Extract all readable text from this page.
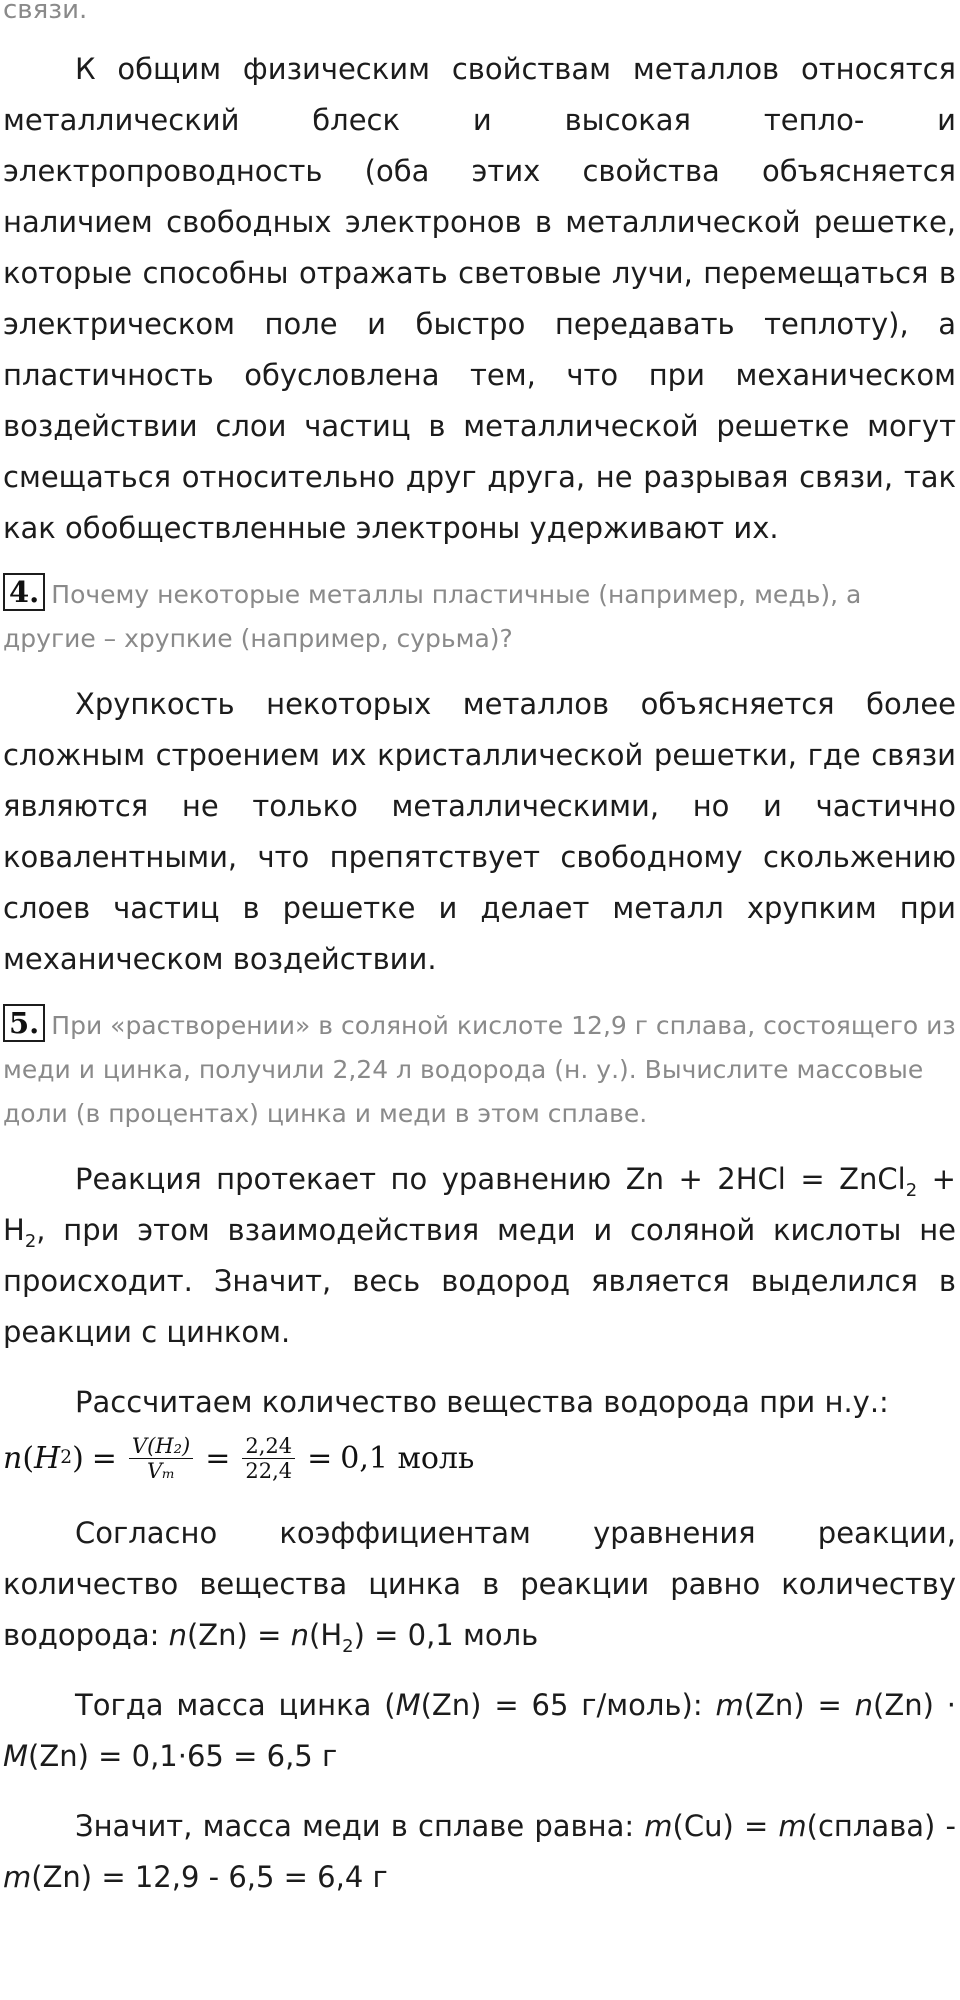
связи.

К общим физическим свойствам металлов относятся металлический блеск и высокая тепло- и электропроводность (оба этих свойства объясняется наличием свободных электронов в металлической решетке, которые способны отражать световые лучи, перемещаться в электрическом поле и быстро передавать теплоту), а пластичность обусловлена тем, что при механическом воздействии слои частиц в металлической решетке могут смещаться относительно друг друга, не разрывая связи, так как обобществленные электроны удерживают их.

4. Почему некоторые металлы пластичные (например, медь), а другие – хрупкие (например, сурьма)?

Хрупкость некоторых металлов объясняется более сложным строением их кристаллической решетки, где связи являются не только металлическими, но и частично ковалентными, что препятствует свободному скольжению слоев частиц в решетке и делает металл хрупким при механическом воздействии.

5. При «растворении» в соляной кислоте 12,9 г сплава, состоящего из меди и цинка, получили 2,24 л водорода (н. у.). Вычислите массовые доли (в процентах) цинка и меди в этом сплаве.

Реакция протекает по уравнению Zn + 2HCl = ZnCl$_2$ + $H_2$, при этом взаимодействия меди и соляной кислоты не происходит. Значит, весь водород является выделился в реакции с цинком.

Рассчитаем количество вещества водорода при н.у.:

n ( H 2 ) = $\frac{\text{V(H₂)}}{\text{Vₘ}} = \frac{2,24}{22,4} = 0,1$ моль

Согласно коэффициентам уравнения реакции, количество вещества цинка в реакции равно количеству водорода: $n(Zn) = n(H_2) = 0,1$ моль

Тогда масса цинка (M(Zn) = 65 г/моль): m(Zn) = n(Zn) · M(Zn) = 0,1·65 = 6,5 г

Значит, масса меди в сплаве равна: m(Cu) = m(сплава) - m(Zn) = 12,9 - 6,5 = 6,4 г
